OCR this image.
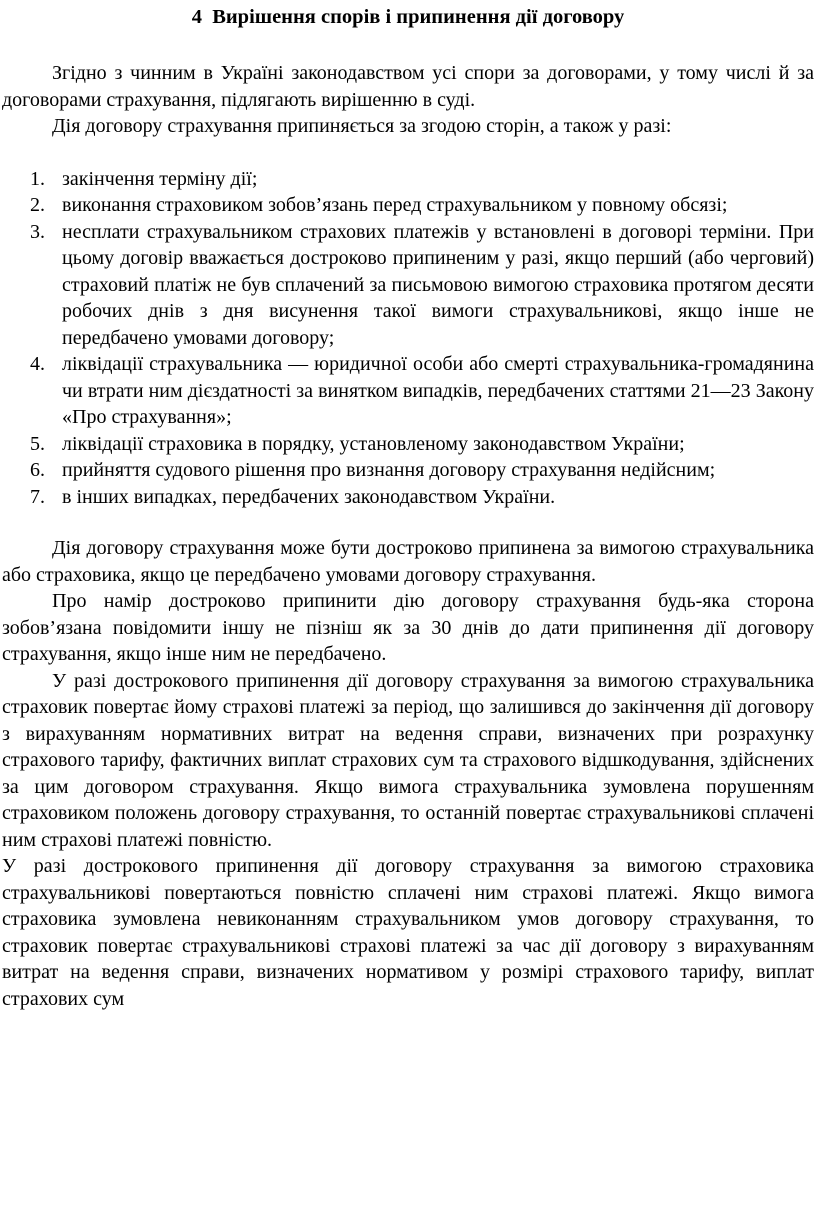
4 Вирішення спорів і припинення дії договору

Згідно з чинним в Україні законодавством усі спори за договорами, у тому числі й за договорами страхування, підлягають вирішенню в суді.

Дія договору страхування припиняється за згодою сторін, а також у разі:

1. закінчення терміну дії;
2. виконання страховиком зобов’язань перед страхувальником у повному обсязі;
3. несплати страхувальником страхових платежів у встановлені в договорі терміни. При цьому договір вважається достроково припиненим у разі, якщо перший (або черговий) страховий платіж не був сплачений за письмовою вимогою страховика протягом десяти робочих днів з дня висунення такої вимоги страхувальникові, якщо інше не передбачено умовами договору;
4. ліквідації страхувальника — юридичної особи або смерті страхувальника-громадянина чи втрати ним дієздатності за винятком випадків, передбачених статтями 21—23 Закону «Про страхування»;
5. ліквідації страховика в порядку, установленому законодавством України;
6. прийняття судового рішення про визнання договору страхування недійсним;
7. в інших випадках, передбачених законодавством України.

Дія договору страхування може бути достроково припинена за вимогою страхувальника або страховика, якщо це передбачено умовами договору страхування.

Про намір достроково припинити дію договору страхування будь-яка сторона зобов’язана повідомити іншу не пізніш як за 30 днів до дати припинення дії договору страхування, якщо інше ним не передбачено.

У разі дострокового припинення дії договору страхування за вимогою страхувальника страховик повертає йому страхові платежі за період, що залишився до закінчення дії договору з вирахуванням нормативних витрат на ведення справи, визначених при розрахунку страхового тарифу, фактичних виплат страхових сум та страхового відшкодування, здійснених за цим договором страхування. Якщо вимога страхувальника зумовлена порушенням страховиком положень договору страхування, то останній повертає страхувальникові сплачені ним страхові платежі повністю.

У разі дострокового припинення дії договору страхування за вимогою страховика страхувальникові повертаються повністю сплачені ним страхові платежі. Якщо вимога страховика зумовлена невиконанням страхувальником умов договору страхування, то страховик повертає страхувальникові страхові платежі за час дії договору з вирахуванням витрат на ведення справи, визначених нормативом у розмірі страхового тарифу, виплат страхових сум
